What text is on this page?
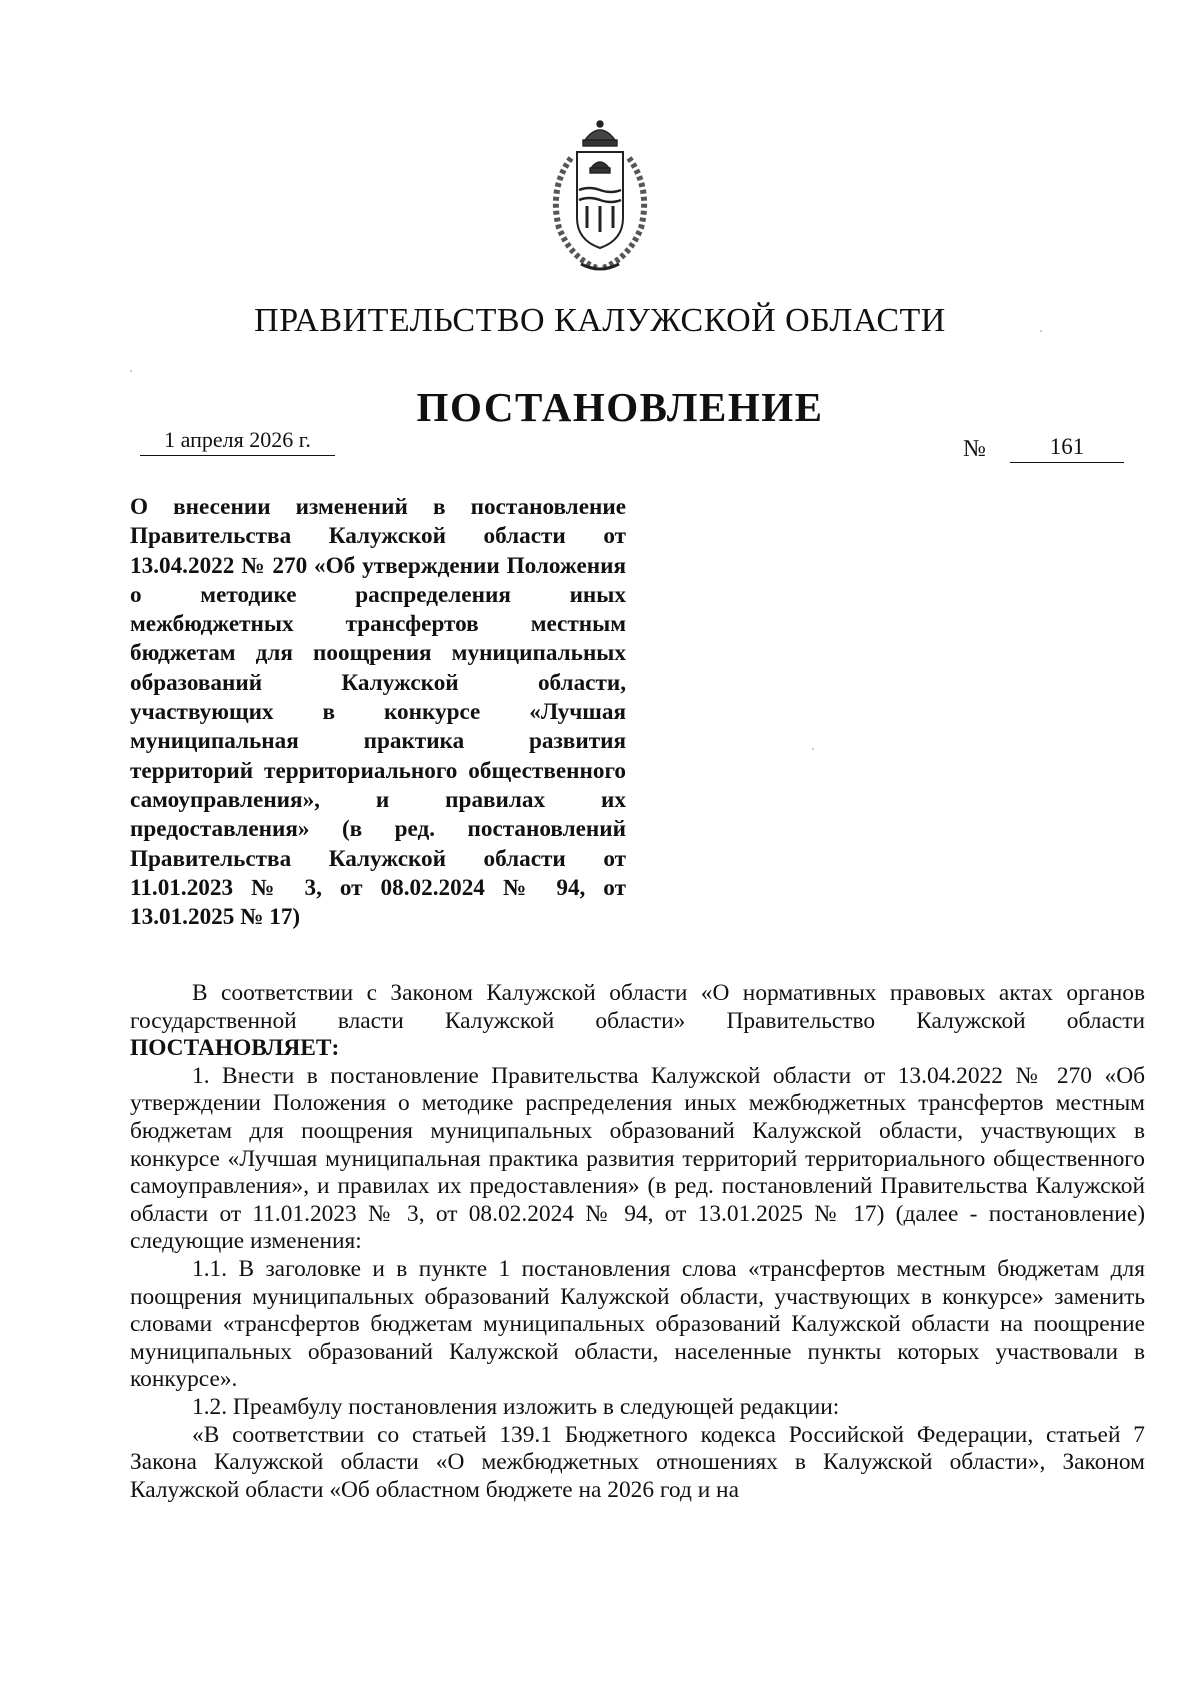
ПРАВИТЕЛЬСТВО КАЛУЖСКОЙ ОБЛАСТИ
ПОСТАНОВЛЕНИЕ
1 апреля 2026 г.	№	161

О внесении изменений в постановление Правительства Калужской области от 13.04.2022 № 270 «Об утверждении Положения о методике распределения иных межбюджетных трансфертов местным бюджетам для поощрения муниципальных образований Калужской области, участвующих в конкурсе «Лучшая муниципальная практика развития территорий территориального общественного самоуправления», и правилах их предоставления» (в ред. постановлений Правительства Калужской области от 11.01.2023 № 3, от 08.02.2024 № 94, от 13.01.2025 № 17)

В соответствии с Законом Калужской области «О нормативных правовых актах органов государственной власти Калужской области» Правительство Калужской области ПОСТАНОВЛЯЕТ:

1. Внести в постановление Правительства Калужской области от 13.04.2022 № 270 «Об утверждении Положения о методике распределения иных межбюджетных трансфертов местным бюджетам для поощрения муниципальных образований Калужской области, участвующих в конкурсе «Лучшая муниципальная практика развития территорий территориального общественного самоуправления», и правилах их предоставления» (в ред. постановлений Правительства Калужской области от 11.01.2023 № 3, от 08.02.2024 № 94, от 13.01.2025 № 17) (далее - постановление) следующие изменения:

1.1. В заголовке и в пункте 1 постановления слова «трансфертов местным бюджетам для поощрения муниципальных образований Калужской области, участвующих в конкурсе» заменить словами «трансфертов бюджетам муниципальных образований Калужской области на поощрение муниципальных образований Калужской области, населенные пункты которых участвовали в конкурсе».

1.2. Преамбулу постановления изложить в следующей редакции:

«В соответствии со статьей 139.1 Бюджетного кодекса Российской Федерации, статьей 7 Закона Калужской области «О межбюджетных отношениях в Калужской области», Законом Калужской области «Об областном бюджете на 2026 год и на
